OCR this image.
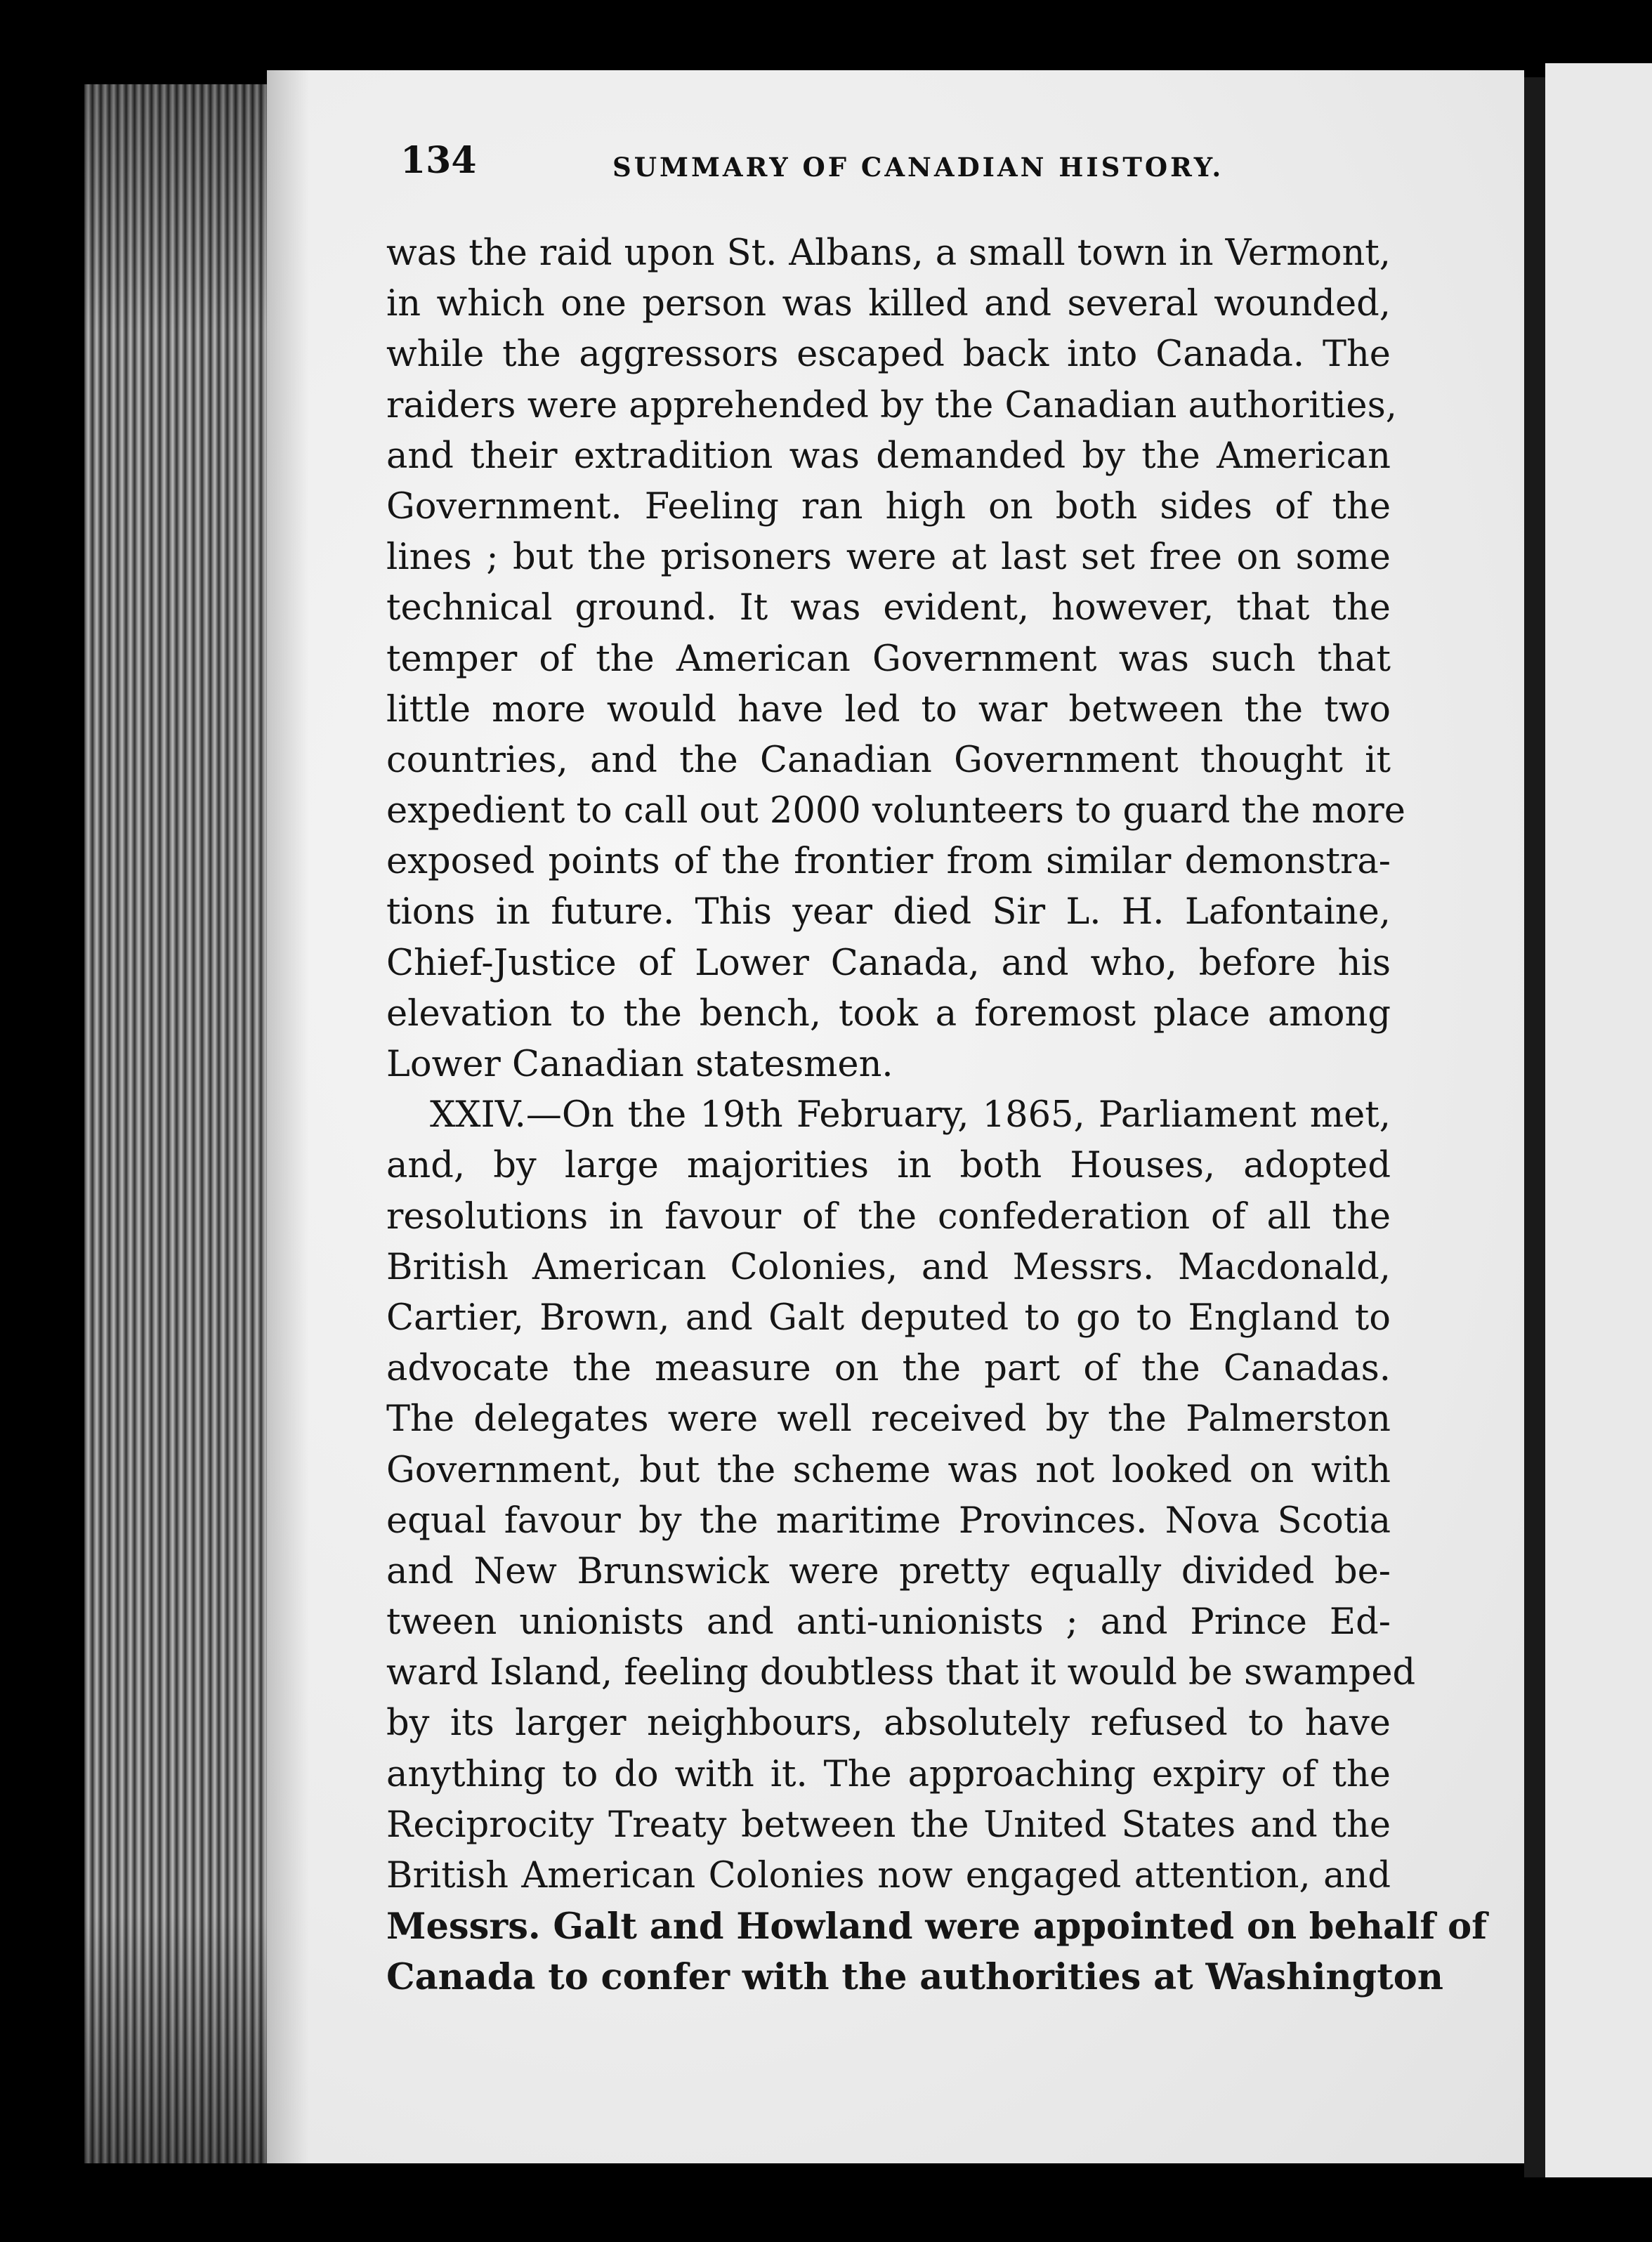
134	SUMMARY OF CANADIAN HISTORY.
was the raid upon St. Albans, a small town in Vermont,
in which one person was killed and several wounded,
while the aggressors escaped back into Canada. The
raiders were apprehended by the Canadian authorities,
and their extradition was demanded by the American
Government. Feeling ran high on both sides of the
lines ; but the prisoners were at last set free on some
technical ground. It was evident, however, that the
temper of the American Government was such that
little more would have led to war between the two
countries, and the Canadian Government thought it
expedient to call out 2000 volunteers to guard the more
exposed points of the frontier from similar demonstra-
tions in future. This year died Sir L. H. Lafontaine,
Chief-Justice of Lower Canada, and who, before his
elevation to the bench, took a foremost place among
Lower Canadian statesmen.
XXIV.—On the 19th February, 1865, Parliament met,
and, by large majorities in both Houses, adopted
resolutions in favour of the confederation of all the
British American Colonies, and Messrs. Macdonald,
Cartier, Brown, and Galt deputed to go to England to
advocate the measure on the part of the Canadas.
The delegates were well received by the Palmerston
Government, but the scheme was not looked on with
equal favour by the maritime Provinces. Nova Scotia
and New Brunswick were pretty equally divided be-
tween unionists and anti-unionists ; and Prince Ed-
ward Island, feeling doubtless that it would be swamped
by its larger neighbours, absolutely refused to have
anything to do with it. The approaching expiry of the
Reciprocity Treaty between the United States and the
British American Colonies now engaged attention, and
Messrs. Galt and Howland were appointed on behalf of
Canada to confer with the authorities at Washington
